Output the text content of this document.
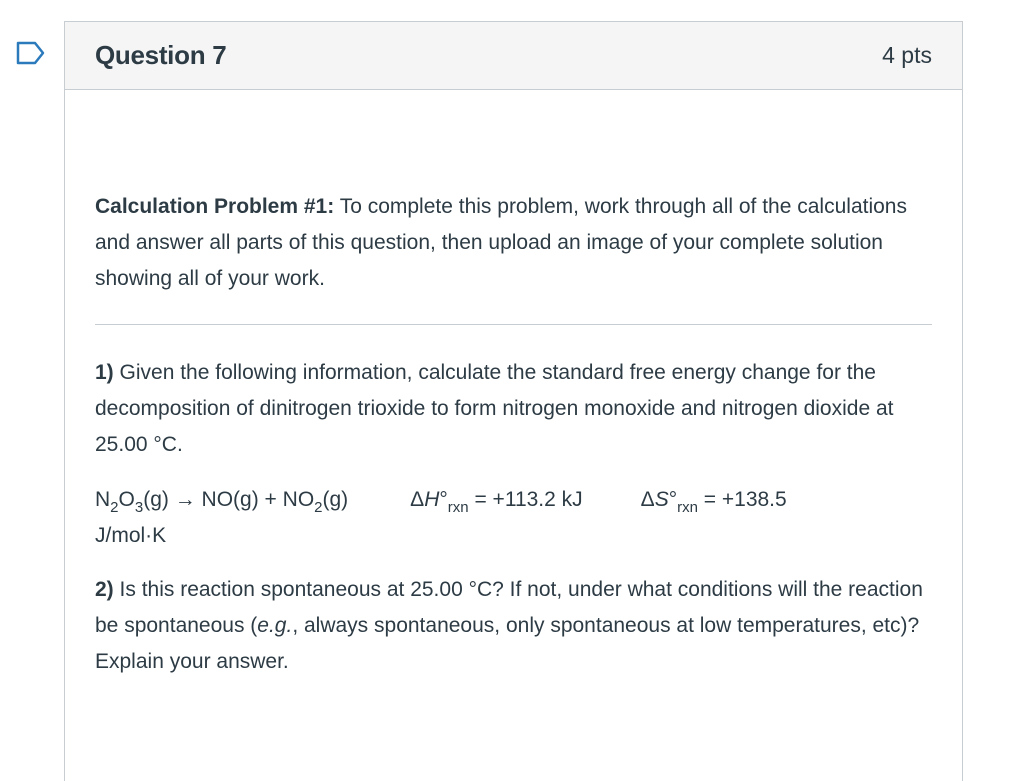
Question 7	4 pts

Calculation Problem #1: To complete this problem, work through all of the calculations and answer all parts of this question, then upload an image of your complete solution showing all of your work.

1) Given the following information, calculate the standard free energy change for the decomposition of dinitrogen trioxide to form nitrogen monoxide and nitrogen dioxide at 25.00 °C.

$N_2O_3(g) \to NO(g) + NO_2(g)$	$\Delta H^\circ_{rxn} = +113.2$ kJ	$\Delta S^\circ_{rxn} = +138.5$
J/mol·K

2) Is this reaction spontaneous at 25.00 °C? If not, under what conditions will the reaction be spontaneous (e.g., always spontaneous, only spontaneous at low temperatures, etc)? Explain your answer.
